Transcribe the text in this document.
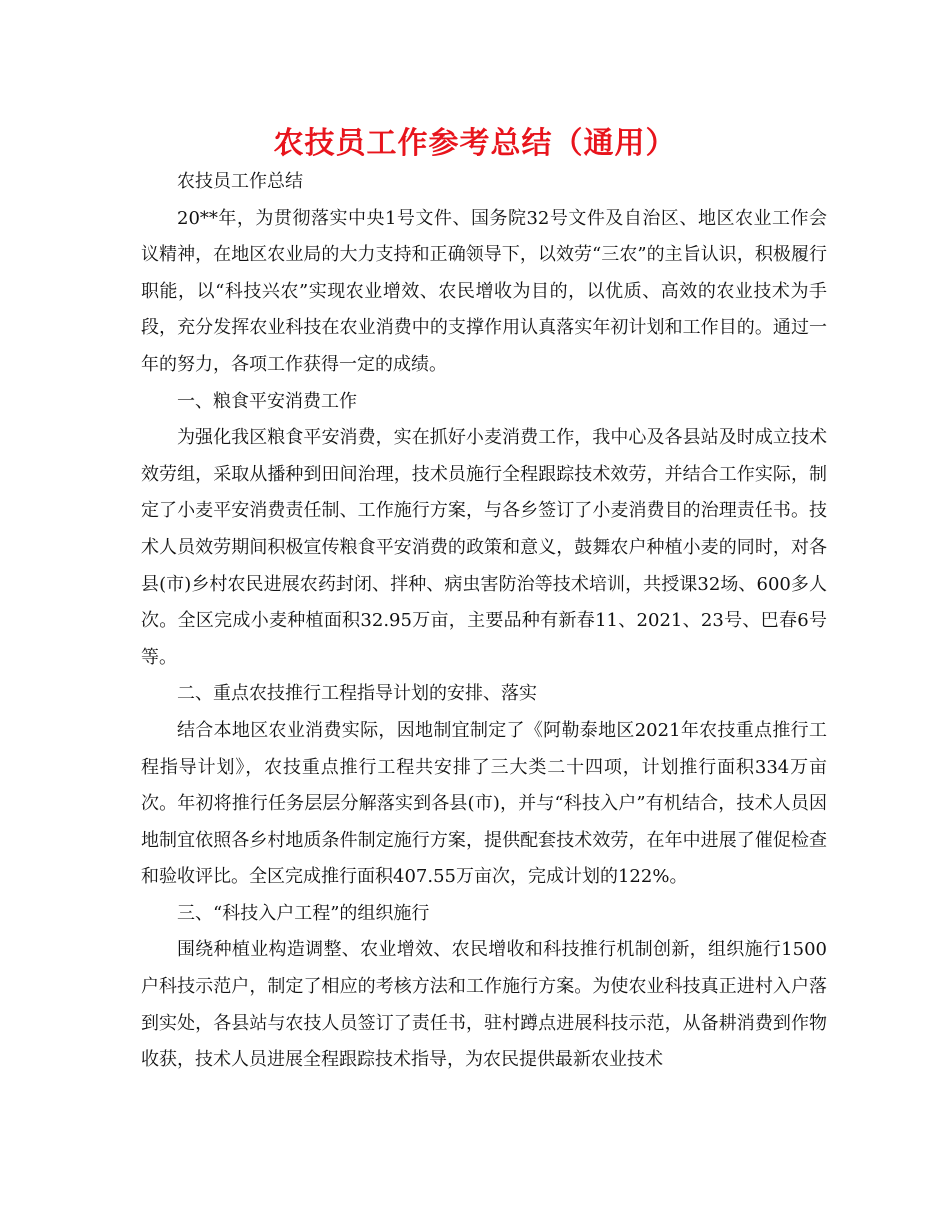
农技员工作参考总结（通用）

农技员工作总结

20**年，为贯彻落实中央1号文件、国务院32号文件及自治区、地区农业工作会议精神，在地区农业局的大力支持和正确领导下，以效劳“三农”的主旨认识，积极履行职能，以“科技兴农”实现农业增效、农民增收为目的，以优质、高效的农业技术为手段，充分发挥农业科技在农业消费中的支撑作用认真落实年初计划和工作目的。通过一年的努力，各项工作获得一定的成绩。

一、粮食平安消费工作

为强化我区粮食平安消费，实在抓好小麦消费工作，我中心及各县站及时成立技术效劳组，采取从播种到田间治理，技术员施行全程跟踪技术效劳，并结合工作实际，制定了小麦平安消费责任制、工作施行方案，与各乡签订了小麦消费目的治理责任书。技术人员效劳期间积极宣传粮食平安消费的政策和意义，鼓舞农户种植小麦的同时，对各县(市)乡村农民进展农药封闭、拌种、病虫害防治等技术培训，共授课32场、600多人次。全区完成小麦种植面积32.95万亩，主要品种有新春11、2021、23号、巴春6号等。

二、重点农技推行工程指导计划的安排、落实

结合本地区农业消费实际，因地制宜制定了《阿勒泰地区2021年农技重点推行工程指导计划》，农技重点推行工程共安排了三大类二十四项，计划推行面积334万亩次。年初将推行任务层层分解落实到各县(市)，并与“科技入户”有机结合，技术人员因地制宜依照各乡村地质条件制定施行方案，提供配套技术效劳，在年中进展了催促检查和验收评比。全区完成推行面积407.55万亩次，完成计划的122%。

三、“科技入户工程”的组织施行

围绕种植业构造调整、农业增效、农民增收和科技推行机制创新，组织施行1500户科技示范户，制定了相应的考核方法和工作施行方案。为使农业科技真正进村入户落到实处，各县站与农技人员签订了责任书，驻村蹲点进展科技示范，从备耕消费到作物收获，技术人员进展全程跟踪技术指导，为农民提供最新农业技术
